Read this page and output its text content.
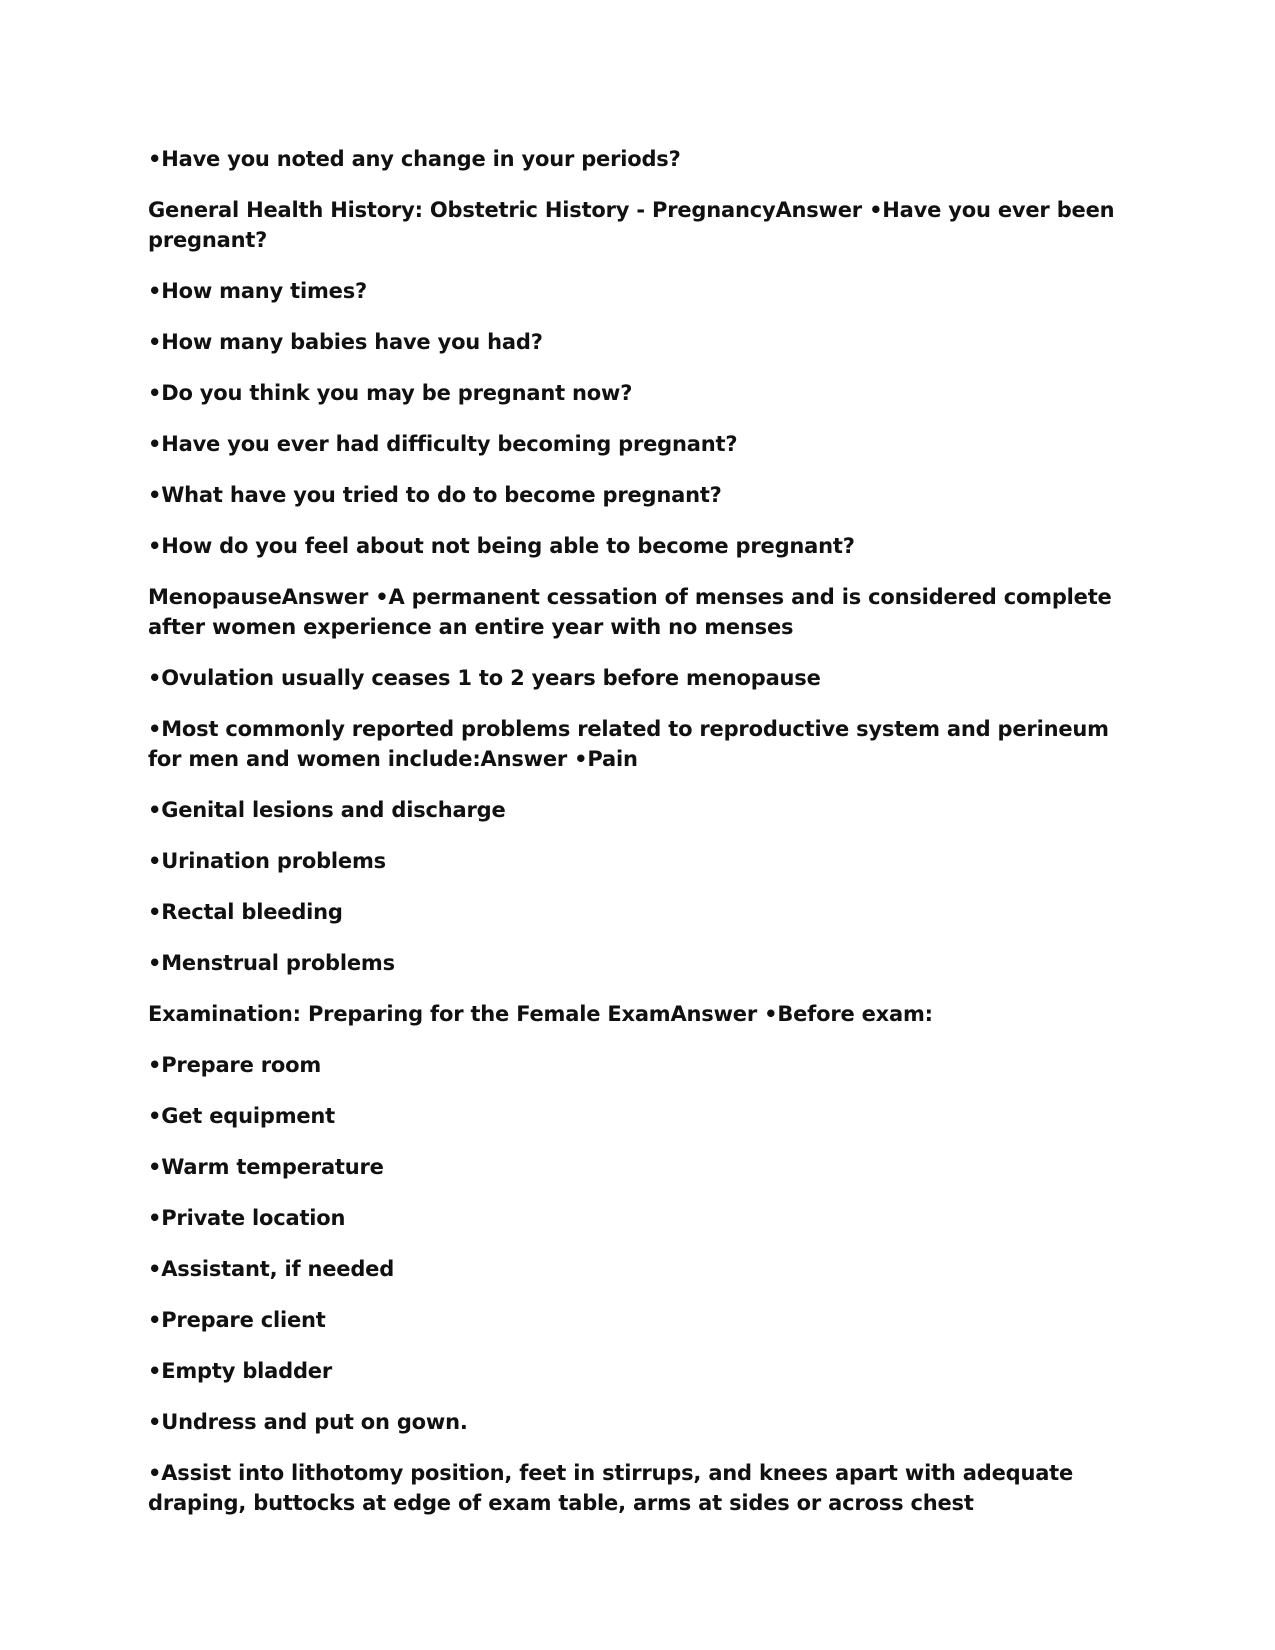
•Have you noted any change in your periods?

General Health History: Obstetric History - PregnancyAnswer •Have you ever been pregnant?

•How many times?

•How many babies have you had?

•Do you think you may be pregnant now?

•Have you ever had difficulty becoming pregnant?

•What have you tried to do to become pregnant?

•How do you feel about not being able to become pregnant?

MenopauseAnswer •A permanent cessation of menses and is considered complete after women experience an entire year with no menses

•Ovulation usually ceases 1 to 2 years before menopause

•Most commonly reported problems related to reproductive system and perineum for men and women include:Answer •Pain

•Genital lesions and discharge

•Urination problems

•Rectal bleeding

•Menstrual problems

Examination: Preparing for the Female ExamAnswer •Before exam:

•Prepare room

•Get equipment

•Warm temperature

•Private location

•Assistant, if needed

•Prepare client

•Empty bladder

•Undress and put on gown.

•Assist into lithotomy position, feet in stirrups, and knees apart with adequate draping, buttocks at edge of exam table, arms at sides or across chest
